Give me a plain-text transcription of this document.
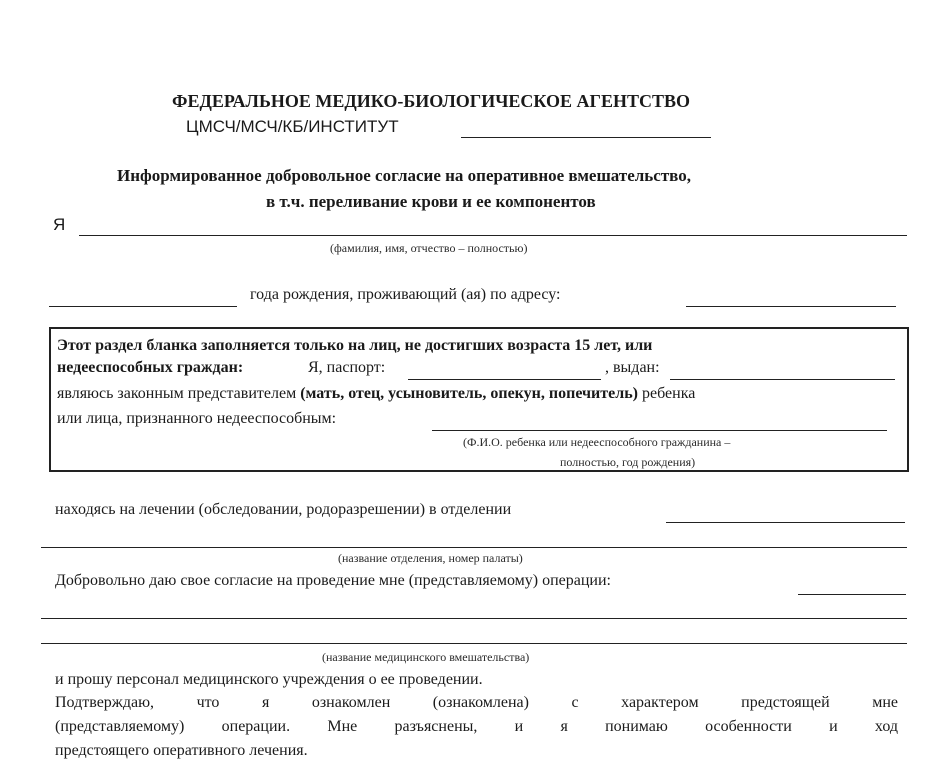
ФЕДЕРАЛЬНОЕ МЕДИКО-БИОЛОГИЧЕСКОЕ АГЕНТСТВО
ЦМСЧ/МСЧ/КБ/ИНСТИТУТ
Информированное добровольное согласие на оперативное вмешательство,
в т.ч. переливание крови и ее компонентов
Я
(фамилия, имя, отчество – полностью)
года рождения, проживающий (ая) по адресу:
Этот раздел бланка заполняется только на лиц, не достигших возраста 15 лет, или
недееспособных граждан:	Я, паспорт:	, выдан:
являюсь законным представителем (мать, отец, усыновитель, опекун, попечитель) ребенка
или лица, признанного недееспособным:
(Ф.И.О. ребенка или недееспособного гражданина –
полностью, год рождения)
находясь на лечении (обследовании, родоразрешении) в отделении
(название отделения, номер палаты)
Добровольно даю свое согласие на проведение мне (представляемому) операции:
(название медицинского вмешательства)
и прошу персонал медицинского учреждения о ее проведении.
Подтверждаю, что я ознакомлен (ознакомлена) с характером предстоящей мне
(представляемому) операции. Мне разъяснены, и я понимаю особенности и ход
предстоящего оперативного лечения.
